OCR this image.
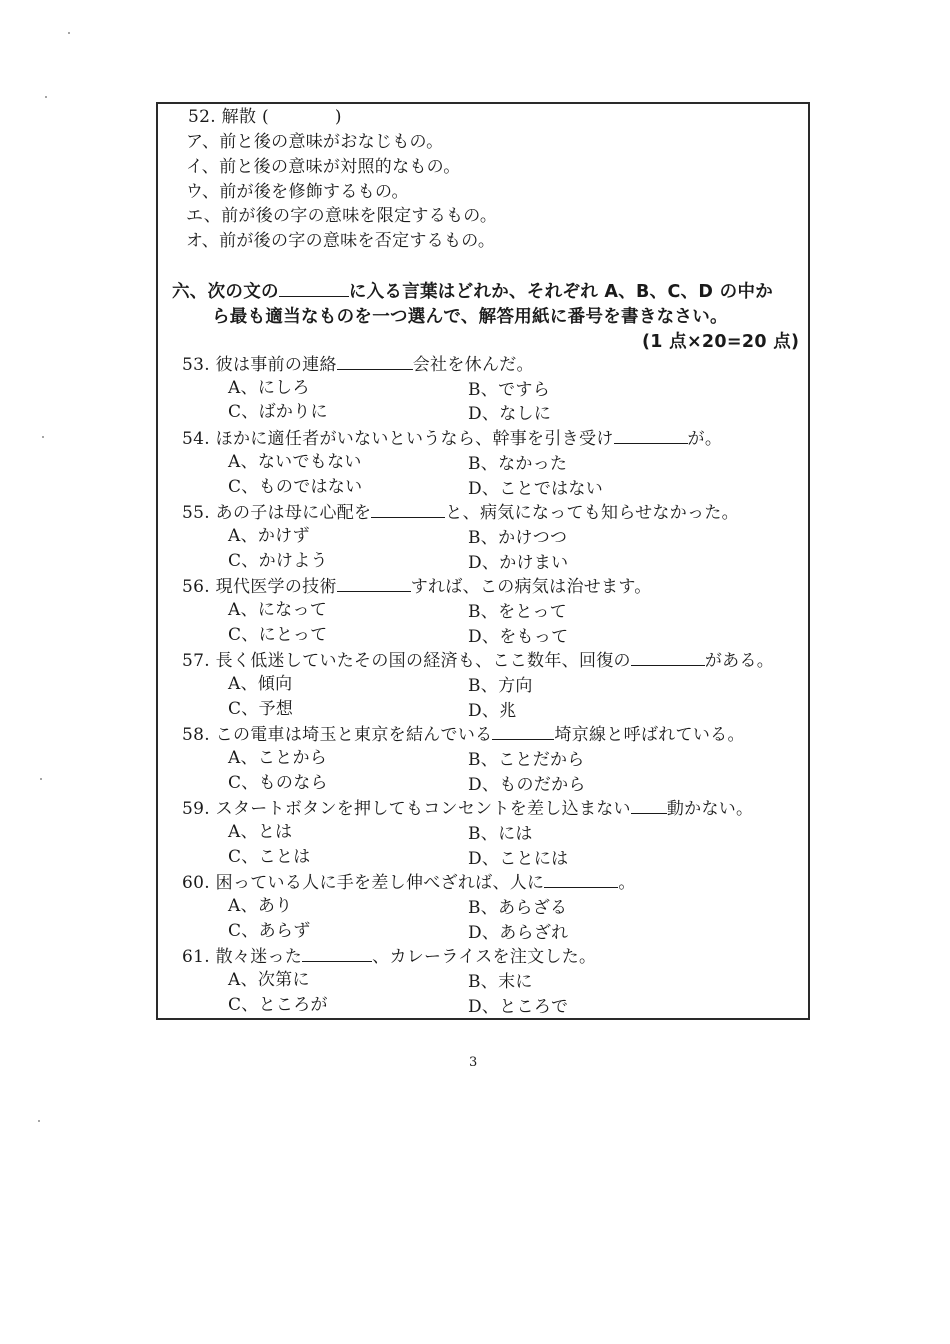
52. 解散 (	)
ア、前と後の意味がおなじもの。
イ、前と後の意味が対照的なもの。
ウ、前が後を修飾するもの。
エ、前が後の字の意味を限定するもの。
オ、前が後の字の意味を否定するもの。
六、次の文の	に入る言葉はどれか、それぞれ A、B、C、D の中か
ら最も適当なものを一つ選んで、解答用紙に番号を書きなさい。
(1 点×20=20 点)
53. 彼は事前の連絡	会社を休んだ。
A、にしろ	B、ですら
C、ばかりに	D、なしに
54. ほかに適任者がいないというなら、幹事を引き受け	が。
A、ないでもない	B、なかった
C、ものではない	D、ことではない
55. あの子は母に心配を	と、病気になっても知らせなかった。
A、かけず	B、かけつつ
C、かけよう	D、かけまい
56. 現代医学の技術	すれば、この病気は治せます。
A、になって	B、をとって
C、にとって	D、をもって
57. 長く低迷していたその国の経済も、ここ数年、回復の	がある。
A、傾向	B、方向
C、予想	D、兆
58. この電車は埼玉と東京を結んでいる	埼京線と呼ばれている。
A、ことから	B、ことだから
C、ものなら	D、ものだから
59. スタートボタンを押してもコンセントを差し込まない 動かない。
A、とは	B、には
C、ことは	D、ことには
60. 困っている人に手を差し伸べざれば、人に	。
A、あり	B、あらざる
C、あらず	D、あらざれ
61. 散々迷った	、カレーライスを注文した。
A、次第に	B、末に
C、ところが	D、ところで
3
